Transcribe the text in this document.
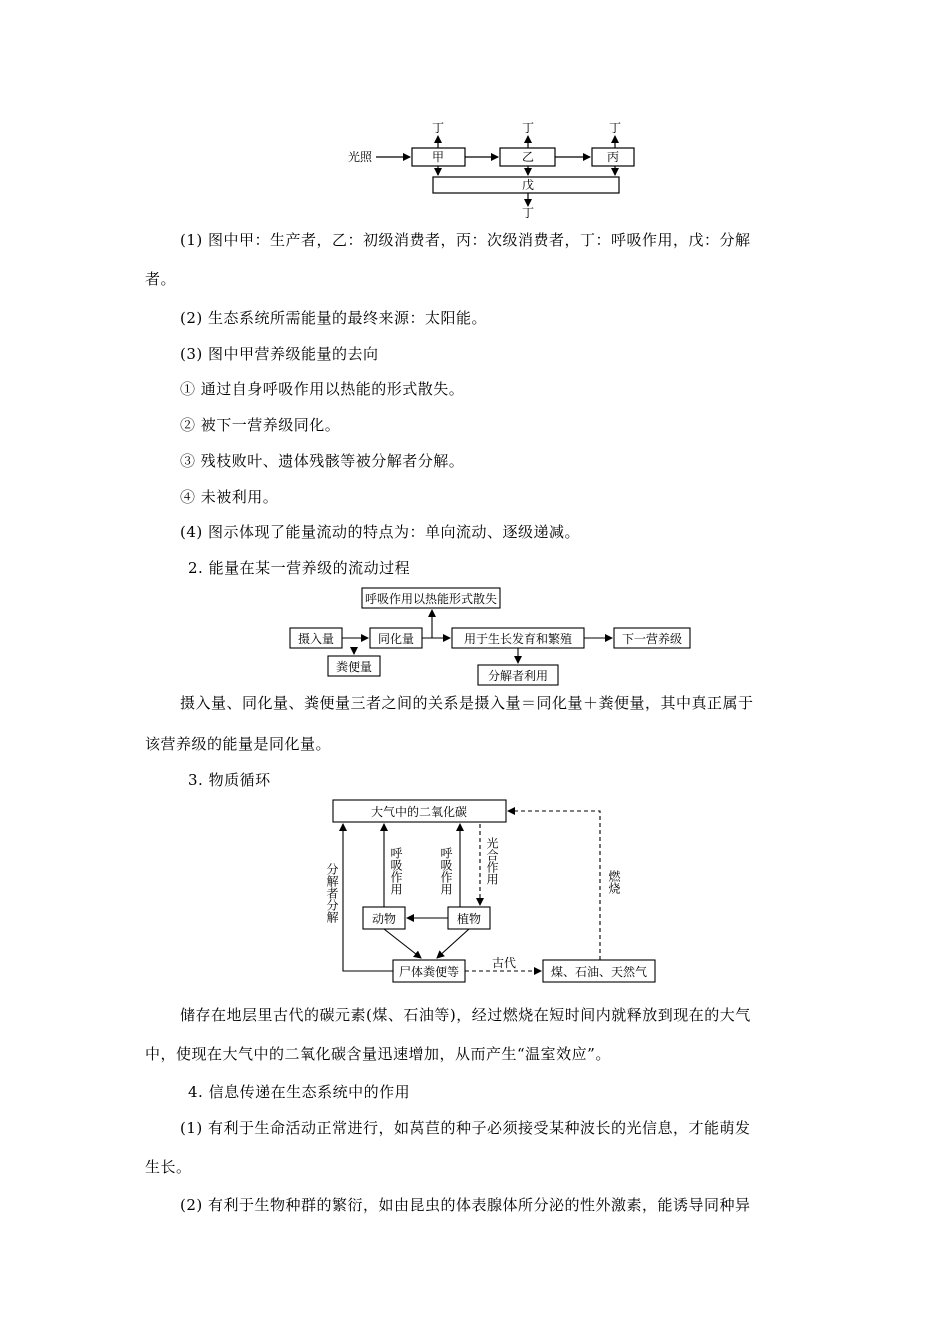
光照	甲	乙	丙
戊
丁	丁	丁
丁
(1) 图中甲：生产者，乙：初级消费者，丙：次级消费者，丁：呼吸作用，戊：分解
者。
(2) 生态系统所需能量的最终来源：太阳能。
(3) 图中甲营养级能量的去向
① 通过自身呼吸作用以热能的形式散失。
② 被下一营养级同化。
③ 残枝败叶、遗体残骸等被分解者分解。
④ 未被利用。
(4) 图示体现了能量流动的特点为：单向流动、逐级递减。
2. 能量在某一营养级的流动过程
呼吸作用以热能形式散失
摄入量	同化量	用于生长发育和繁殖	下一营养级
粪便量
分解者利用
摄入量、同化量、粪便量三者之间的关系是摄入量＝同化量＋粪便量，其中真正属于
该营养级的能量是同化量。
3. 物质循环
大气中的二氧化碳
动物	植物
尸体粪便等	煤、石油、天然气
古代
分解者分解	呼吸作用	呼吸作用	光合作用	燃烧
储存在地层里古代的碳元素(煤、石油等)，经过燃烧在短时间内就释放到现在的大气
中，使现在大气中的二氧化碳含量迅速增加，从而产生“温室效应”。
4. 信息传递在生态系统中的作用
(1) 有利于生命活动正常进行，如莴苣的种子必须接受某种波长的光信息，才能萌发
生长。
(2) 有利于生物种群的繁衍，如由昆虫的体表腺体所分泌的性外激素，能诱导同种异
